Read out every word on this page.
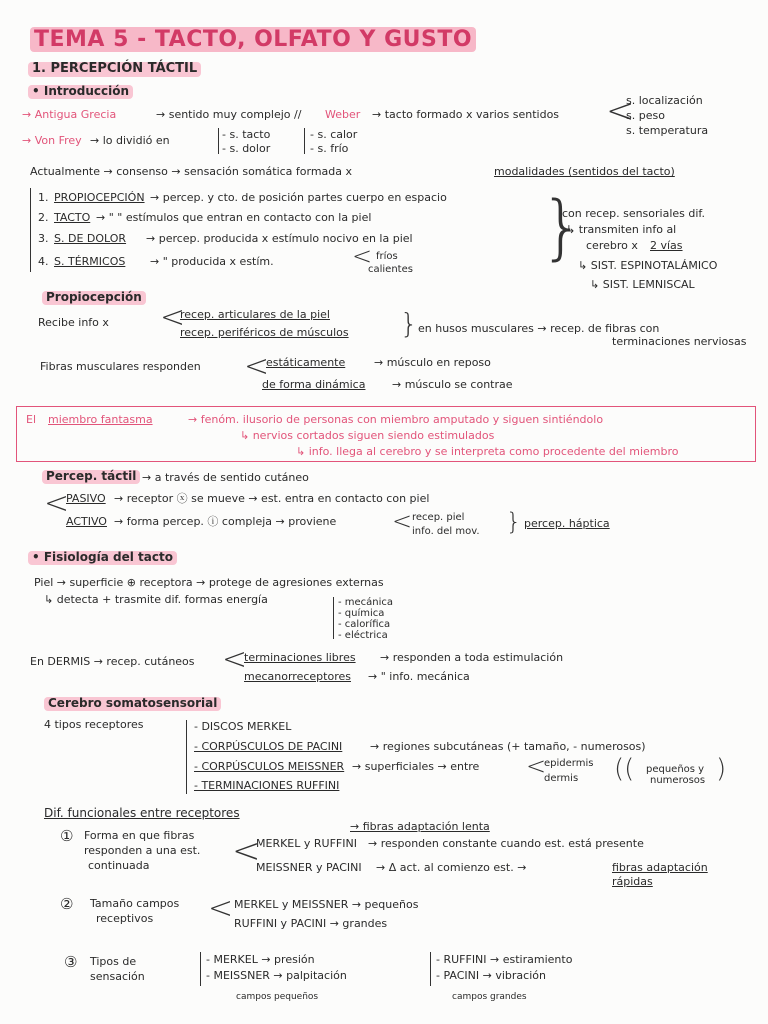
TEMA 5 - TACTO, OLFATO Y GUSTO
1. PERCEPCIÓN TÁCTIL
• Introducción
→ Antigua Grecia	→ sentido muy complejo // Weber → tacto formado x varios sentidos <
s. localización
s. peso
s. temperatura
→ Von Frey → lo dividió en	- s. tacto
- s. dolor
- s. calor
- s. frío
Actualmente → consenso → sensación somática formada x	modalidades (sentidos del tacto)
1. PROPIOCEPCIÓN → percep. y cto. de posición partes cuerpo en espacio
2. TACTO → " " estímulos que entran en contacto con la piel
3. S. DE DOLOR → percep. producida x estímulo nocivo en la piel
4. S. TÉRMICOS → " producida x estím.	< fríos
calientes
}
con recep. sensoriales dif.
↳ transmiten info al
cerebro x 2 vías
↳ SIST. ESPINOTALÁMICO
↳ SIST. LEMNISCAL
Propiocepción
Recibe info x <
recep. articulares de la piel
recep. periféricos de músculos } en husos musculares → recep. de fibras con
terminaciones nerviosas
Fibras musculares responden <
estáticamente	→ músculo en reposo
de forma dinámica → músculo se contrae
El miembro fantasma	→ fenóm. ilusorio de personas con miembro amputado y siguen sintiéndolo
↳ nervios cortados siguen siendo estimulados
↳ info. llega al cerebro y se interpreta como procedente del miembro
Percep. táctil → a través de sentido cutáneo
<
PASIVO → receptor ⓧ se mueve → est. entra en contacto con piel
ACTIVO → forma percep. ⓘ compleja → proviene < recep. piel
info. del mov. } percep. háptica
• Fisiología del tacto
Piel → superficie ⊕ receptora → protege de agresiones externas
↳ detecta + trasmite dif. formas energía	- mecánica
- química
- calorífica
- eléctrica
En DERMIS → recep. cutáneos <
terminaciones libres → responden a toda estimulación
mecanorreceptores → " info. mecánica
Cerebro somatosensorial
4 tipos receptores	- DISCOS MERKEL
- CORPÚSCULOS DE PACINI	→ regiones subcutáneas (+ tamaño, - numerosos)
- CORPÚSCULOS MEISSNER → superficiales → entre <
epidermis
dermis (( pequeños y
numerosos )
- TERMINACIONES RUFFINI
Dif. funcionales entre receptores
① Forma en que fibras
responden a una est.
continuada
→ fibras adaptación lenta
<
MERKEL y RUFFINI → responden constante cuando est. está presente
MEISSNER y PACINI → Δ act. al comienzo est. →	fibras adaptación
rápidas
② Tamaño campos
receptivos < MERKEL y MEISSNER → pequeños
RUFFINI y PACINI → grandes
③ Tipos de
sensación
- MERKEL → presión
- MEISSNER → palpitación
campos pequeños
- RUFFINI → estiramiento
- PACINI → vibración
campos grandes
